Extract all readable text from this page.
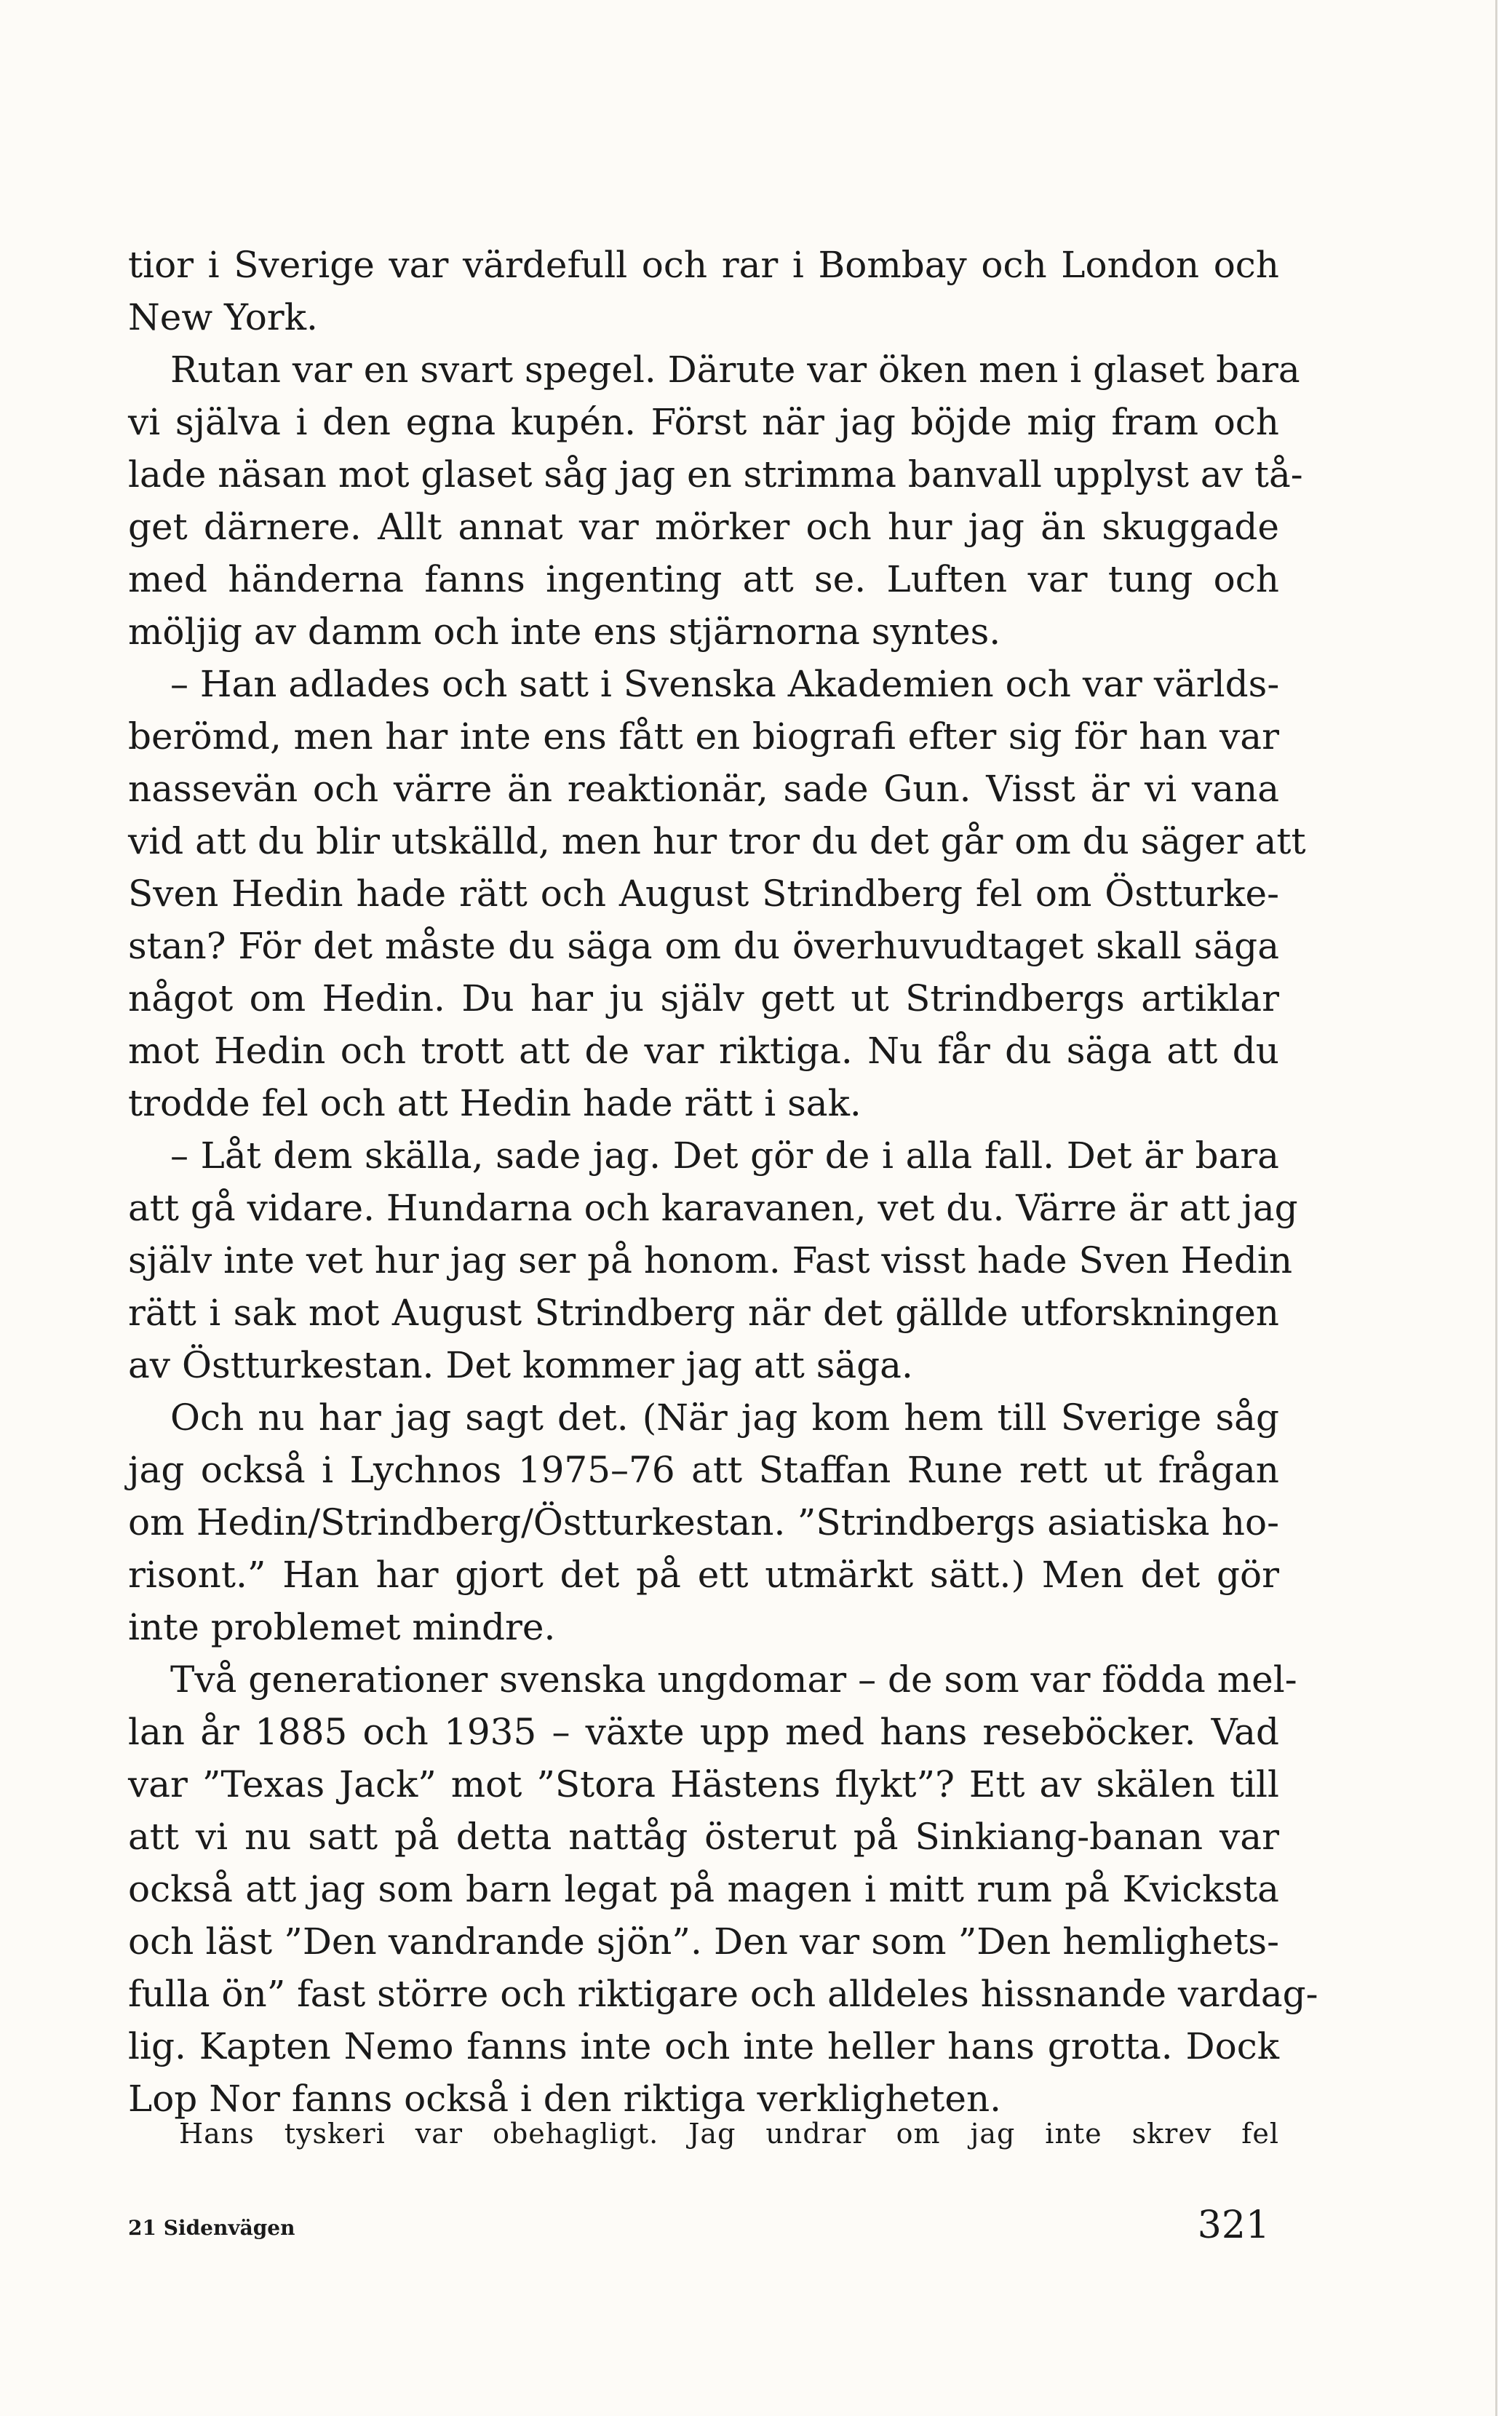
tior i Sverige var värdefull och rar i Bombay och London och
New York.
Rutan var en svart spegel. Därute var öken men i glaset bara
vi själva i den egna kupén. Först när jag böjde mig fram och
lade näsan mot glaset såg jag en strimma banvall upplyst av tå-
get därnere. Allt annat var mörker och hur jag än skuggade
med händerna fanns ingenting att se. Luften var tung och
möljig av damm och inte ens stjärnorna syntes.
– Han adlades och satt i Svenska Akademien och var världs-
berömd, men har inte ens fått en biografi efter sig för han var
nassevän och värre än reaktionär, sade Gun. Visst är vi vana
vid att du blir utskälld, men hur tror du det går om du säger att
Sven Hedin hade rätt och August Strindberg fel om Östturke-
stan? För det måste du säga om du överhuvudtaget skall säga
något om Hedin. Du har ju själv gett ut Strindbergs artiklar
mot Hedin och trott att de var riktiga. Nu får du säga att du
trodde fel och att Hedin hade rätt i sak.
– Låt dem skälla, sade jag. Det gör de i alla fall. Det är bara
att gå vidare. Hundarna och karavanen, vet du. Värre är att jag
själv inte vet hur jag ser på honom. Fast visst hade Sven Hedin
rätt i sak mot August Strindberg när det gällde utforskningen
av Östturkestan. Det kommer jag att säga.
Och nu har jag sagt det. (När jag kom hem till Sverige såg
jag också i Lychnos 1975–76 att Staffan Rune rett ut frågan
om Hedin/Strindberg/Östturkestan. ”Strindbergs asiatiska ho-
risont.” Han har gjort det på ett utmärkt sätt.) Men det gör
inte problemet mindre.
Två generationer svenska ungdomar – de som var födda mel-
lan år 1885 och 1935 – växte upp med hans reseböcker. Vad
var ”Texas Jack” mot ”Stora Hästens flykt”? Ett av skälen till
att vi nu satt på detta nattåg österut på Sinkiang-banan var
också att jag som barn legat på magen i mitt rum på Kvicksta
och läst ”Den vandrande sjön”. Den var som ”Den hemlighets-
fulla ön” fast större och riktigare och alldeles hissnande vardag-
lig. Kapten Nemo fanns inte och inte heller hans grotta. Dock
Lop Nor fanns också i den riktiga verkligheten.
Hans tyskeri var obehagligt. Jag undrar om jag inte skrev fel
21 Sidenvägen	321
